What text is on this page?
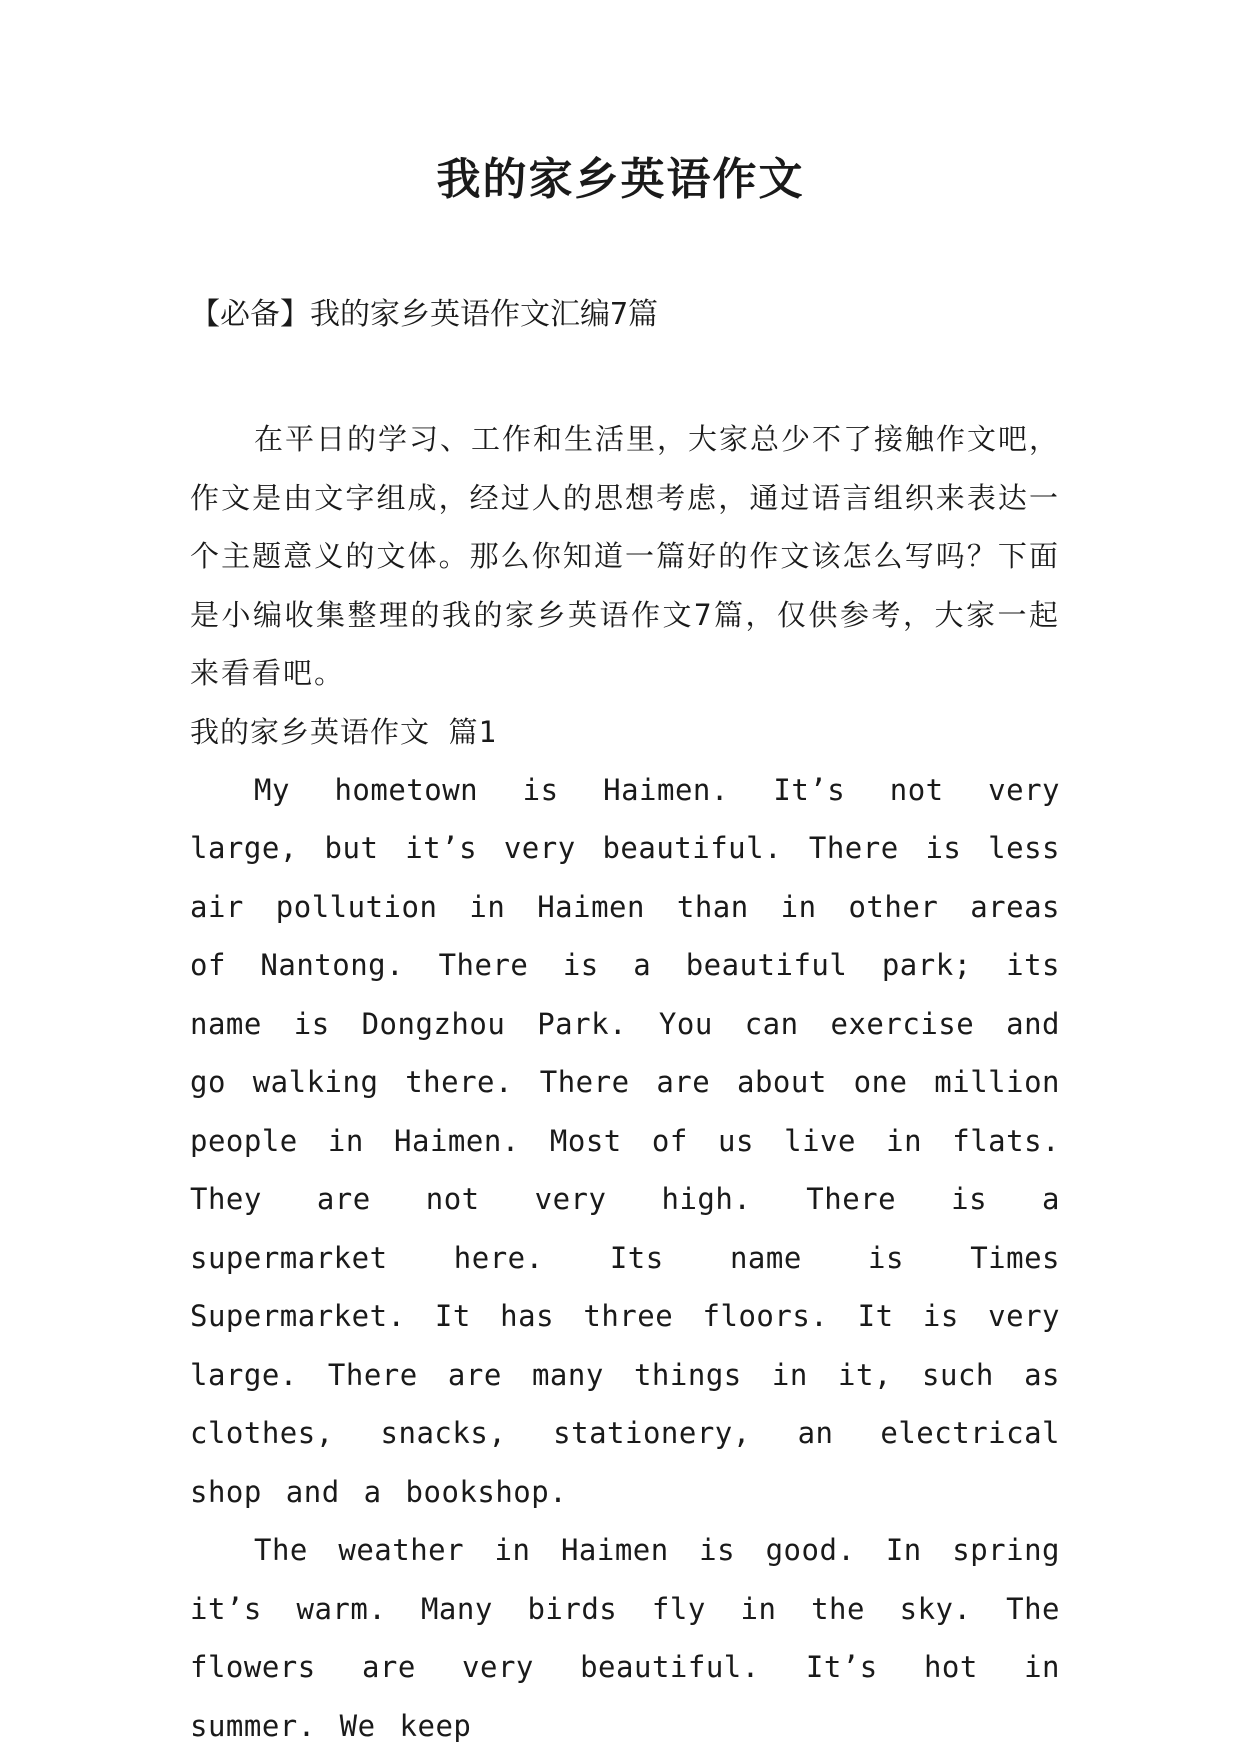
我的家乡英语作文

【必备】我的家乡英语作文汇编7篇

在平日的学习、工作和生活里，大家总少不了接触作文吧，作文是由文字组成，经过人的思想考虑，通过语言组织来表达一个主题意义的文体。那么你知道一篇好的作文该怎么写吗？下面是小编收集整理的我的家乡英语作文7篇，仅供参考，大家一起来看看吧。

我的家乡英语作文 篇1

My hometown is Haimen. It’s not very large, but it’s very beautiful. There is less air pollution in Haimen than in other areas of Nantong. There is a beautiful park; its name is Dongzhou Park. You can exercise and go walking there. There are about one million people in Haimen. Most of us live in flats. They are not very high. There is a supermarket here. Its name is Times Supermarket. It has three floors. It is very large. There are many things in it, such as clothes, snacks, stationery, an electrical shop and a bookshop.

The weather in Haimen is good. In spring it’s warm. Many birds fly in the sky. The flowers are very beautiful. It’s hot in summer. We keep
